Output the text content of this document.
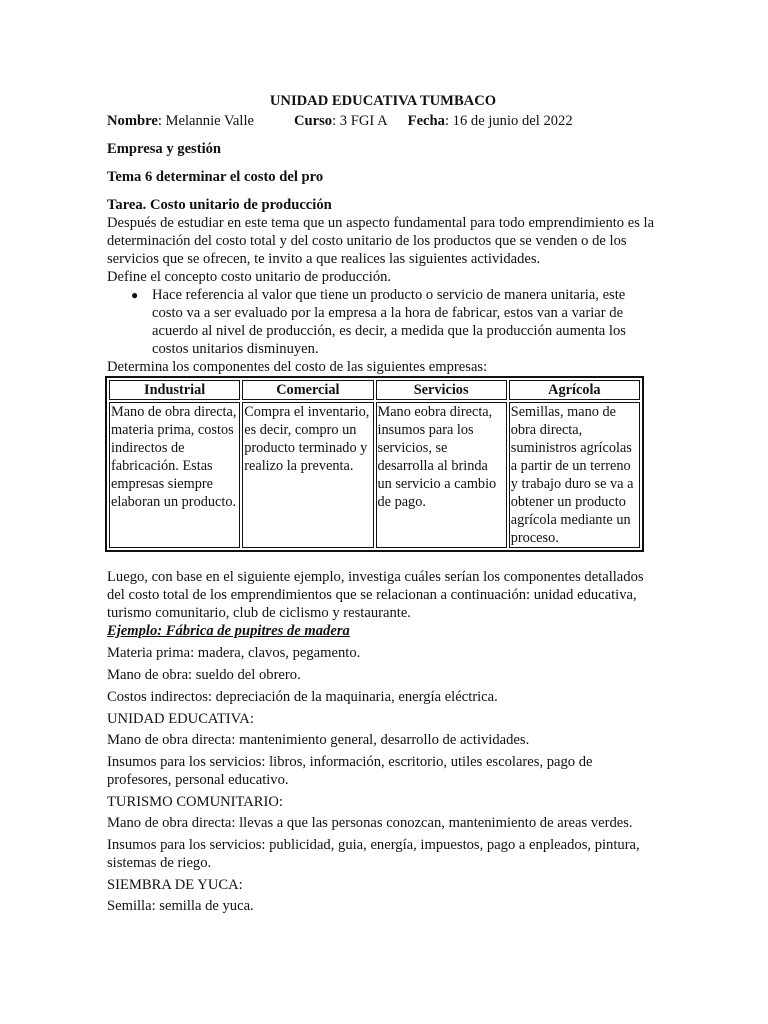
UNIDAD EDUCATIVA TUMBACO
Nombre: Melannie Valle	Curso: 3 FGI A Fecha: 16 de junio del 2022
Empresa y gestión
Tema 6 determinar el costo del pro
Tarea. Costo unitario de producción

Después de estudiar en este tema que un aspecto fundamental para todo emprendimiento es la determinación del costo total y del costo unitario de los productos que se venden o de los servicios que se ofrecen, te invito a que realices las siguientes actividades.

Define el concepto costo unitario de producción.

● Hace referencia al valor que tiene un producto o servicio de manera unitaria, este costo va a ser evaluado por la empresa a la hora de fabricar, estos van a variar de acuerdo al nivel de producción, es decir, a medida que la producción aumenta los costos unitarios disminuyen.

Determina los componentes del costo de las siguientes empresas:

Industrial	Comercial	Servicios	Agrícola
Mano de obra directa, materia prima, costos indirectos de fabricación. Estas empresas siempre elaboran un producto.	Compra el inventario, es decir, compro un producto terminado y realizo la preventa.	Mano eobra directa, insumos para los servicios, se desarrolla al brinda un servicio a cambio de pago.	Semillas, mano de obra directa, suministros agrícolas a partir de un terreno y trabajo duro se va a obtener un producto agrícola mediante un proceso.

Luego, con base en el siguiente ejemplo, investiga cuáles serían los componentes detallados del costo total de los emprendimientos que se relacionan a continuación: unidad educativa, turismo comunitario, club de ciclismo y restaurante.

Ejemplo: Fábrica de pupitres de madera
Materia prima: madera, clavos, pegamento.
Mano de obra: sueldo del obrero.
Costos indirectos: depreciación de la maquinaria, energía eléctrica.
UNIDAD EDUCATIVA:
Mano de obra directa: mantenimiento general, desarrollo de actividades.
Insumos para los servicios: libros, información, escritorio, utiles escolares, pago de profesores, personal educativo.
TURISMO COMUNITARIO:
Mano de obra directa: llevas a que las personas conozcan, mantenimiento de areas verdes.
Insumos para los servicios: publicidad, guia, energía, impuestos, pago a enpleados, pintura, sistemas de riego.
SIEMBRA DE YUCA:
Semilla: semilla de yuca.
